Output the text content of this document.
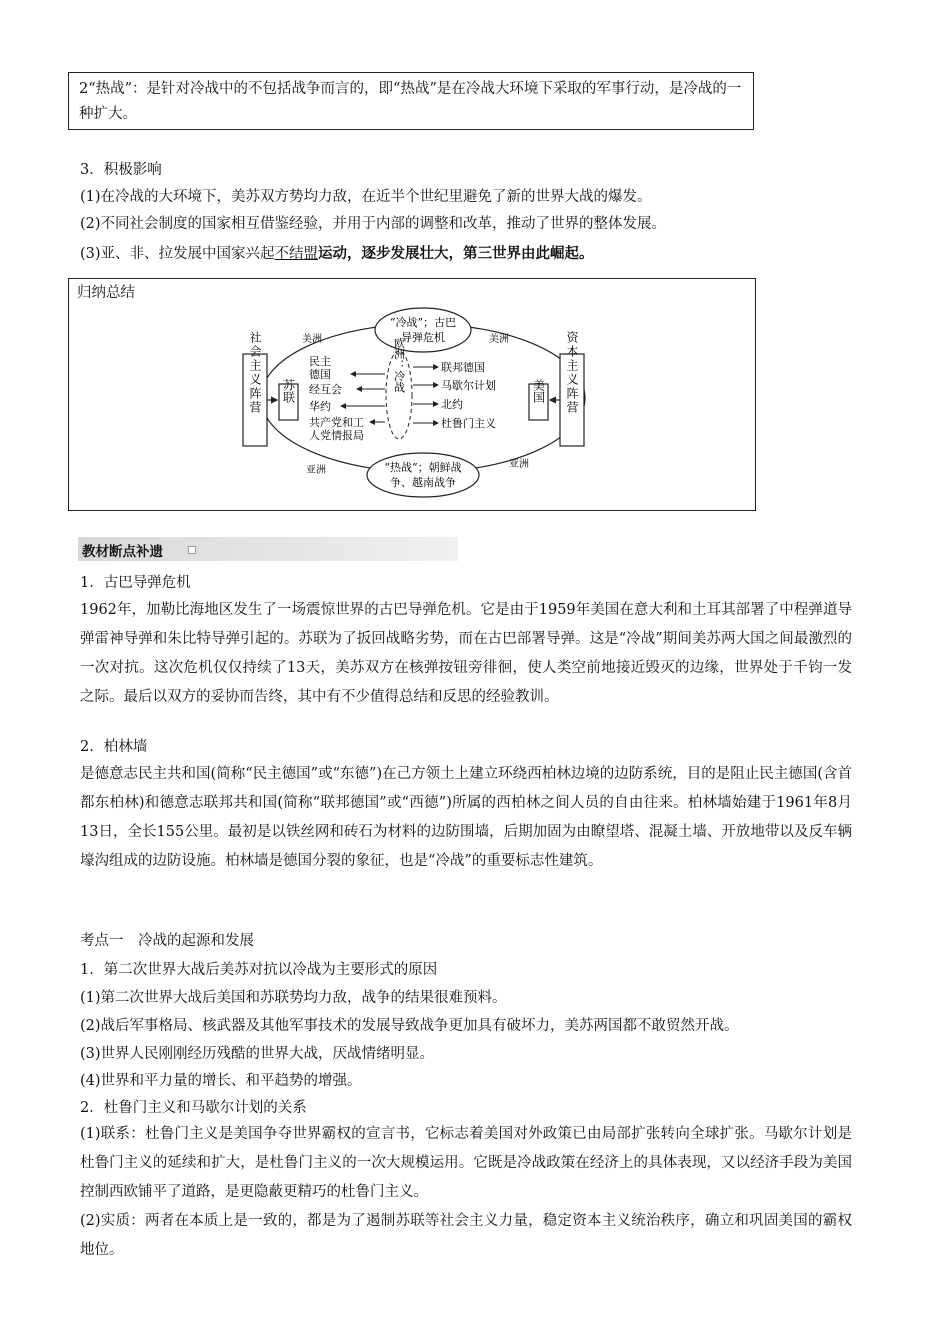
2“热战”：是针对冷战中的不包括战争而言的，即“热战”是在冷战大环境下采取的军事行动，是冷战的一种扩大。
3．积极影响
(1)在冷战的大环境下，美苏双方势均力敌，在近半个世纪里避免了新的世界大战的爆发。
(2)不同社会制度的国家相互借鉴经验，并用于内部的调整和改革，推动了世界的整体发展。
(3)亚、非、拉发展中国家兴起不结盟运动，逐步发展壮大，第三世界由此崛起。
归纳总结
“冷战”；古巴
导弹危机
“热战”；朝鲜战
争、越南战争
美洲	美洲
亚洲
亚洲
社会主义阵营 苏联	资本主义阵营
美国
欧洲：冷战
民主
德国
经互会
华约
共产党和工
人党情报局
联邦德国
马歇尔计划
北约
杜鲁门主义
教材断点补遗
1．古巴导弹危机
1962年，加勒比海地区发生了一场震惊世界的古巴导弹危机。它是由于1959年美国在意大利和土耳其部署了中程弹道导弹雷神导弹和朱比特导弹引起的。苏联为了扳回战略劣势，而在古巴部署导弹。这是“冷战”期间美苏两大国之间最激烈的一次对抗。这次危机仅仅持续了13天，美苏双方在核弹按钮旁徘徊，使人类空前地接近毁灭的边缘，世界处于千钧一发之际。最后以双方的妥协而告终，其中有不少值得总结和反思的经验教训。
2．柏林墙
是德意志民主共和国(简称“民主德国”或“东德”)在己方领土上建立环绕西柏林边境的边防系统，目的是阻止民主德国(含首都东柏林)和德意志联邦共和国(简称“联邦德国”或“西德”)所属的西柏林之间人员的自由往来。柏林墙始建于1961年8月13日，全长155公里。最初是以铁丝网和砖石为材料的边防围墙，后期加固为由瞭望塔、混凝土墙、开放地带以及反车辆壕沟组成的边防设施。柏林墙是德国分裂的象征，也是“冷战”的重要标志性建筑。
考点一　冷战的起源和发展
1．第二次世界大战后美苏对抗以冷战为主要形式的原因
(1)第二次世界大战后美国和苏联势均力敌，战争的结果很难预料。
(2)战后军事格局、核武器及其他军事技术的发展导致战争更加具有破坏力，美苏两国都不敢贸然开战。
(3)世界人民刚刚经历残酷的世界大战，厌战情绪明显。
(4)世界和平力量的增长、和平趋势的增强。
2．杜鲁门主义和马歇尔计划的关系
(1)联系：杜鲁门主义是美国争夺世界霸权的宣言书，它标志着美国对外政策已由局部扩张转向全球扩张。马歇尔计划是杜鲁门主义的延续和扩大，是杜鲁门主义的一次大规模运用。它既是冷战政策在经济上的具体表现，又以经济手段为美国控制西欧铺平了道路，是更隐蔽更精巧的杜鲁门主义。
(2)实质：两者在本质上是一致的，都是为了遏制苏联等社会主义力量，稳定资本主义统治秩序，确立和巩固美国的霸权地位。
